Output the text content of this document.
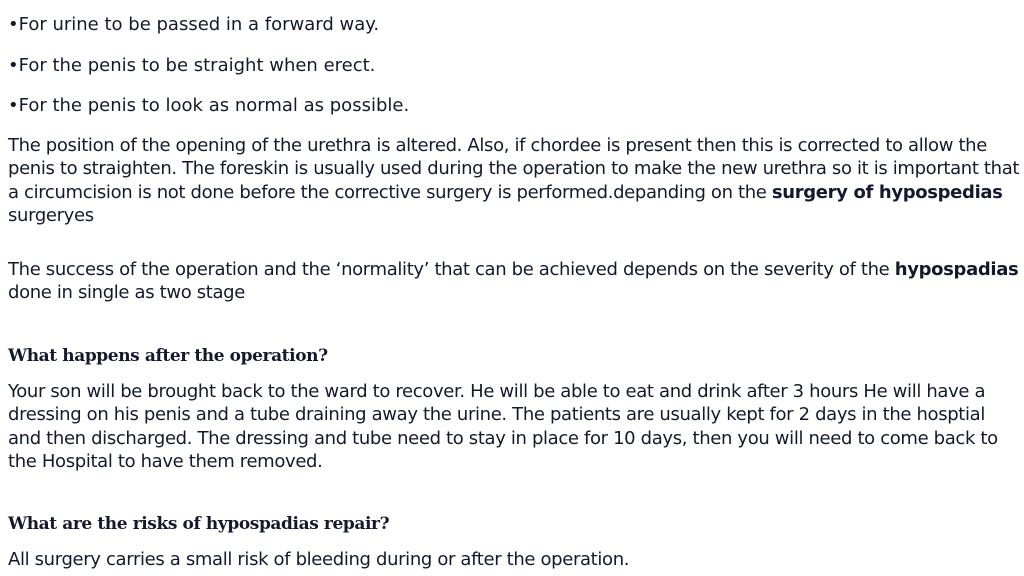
•For urine to be passed in a forward way.

•For the penis to be straight when erect.

•For the penis to look as normal as possible.

The position of the opening of the urethra is altered. Also, if chordee is present then this is corrected to allow the penis to straighten. The foreskin is usually used during the operation to make the new urethra so it is important that a circumcision is not done before the corrective surgery is performed.depanding on the surgery of hypospedias surgeryes

The success of the operation and the ‘normality’ that can be achieved depends on the severity of the hypospadias done in single as two stage

What happens after the operation?

Your son will be brought back to the ward to recover. He will be able to eat and drink after 3 hours He will have a dressing on his penis and a tube draining away the urine. The patients are usually kept for 2 days in the hosptial and then discharged. The dressing and tube need to stay in place for 10 days, then you will need to come back to the Hospital to have them removed.

What are the risks of hypospadias repair?

All surgery carries a small risk of bleeding during or after the operation.
